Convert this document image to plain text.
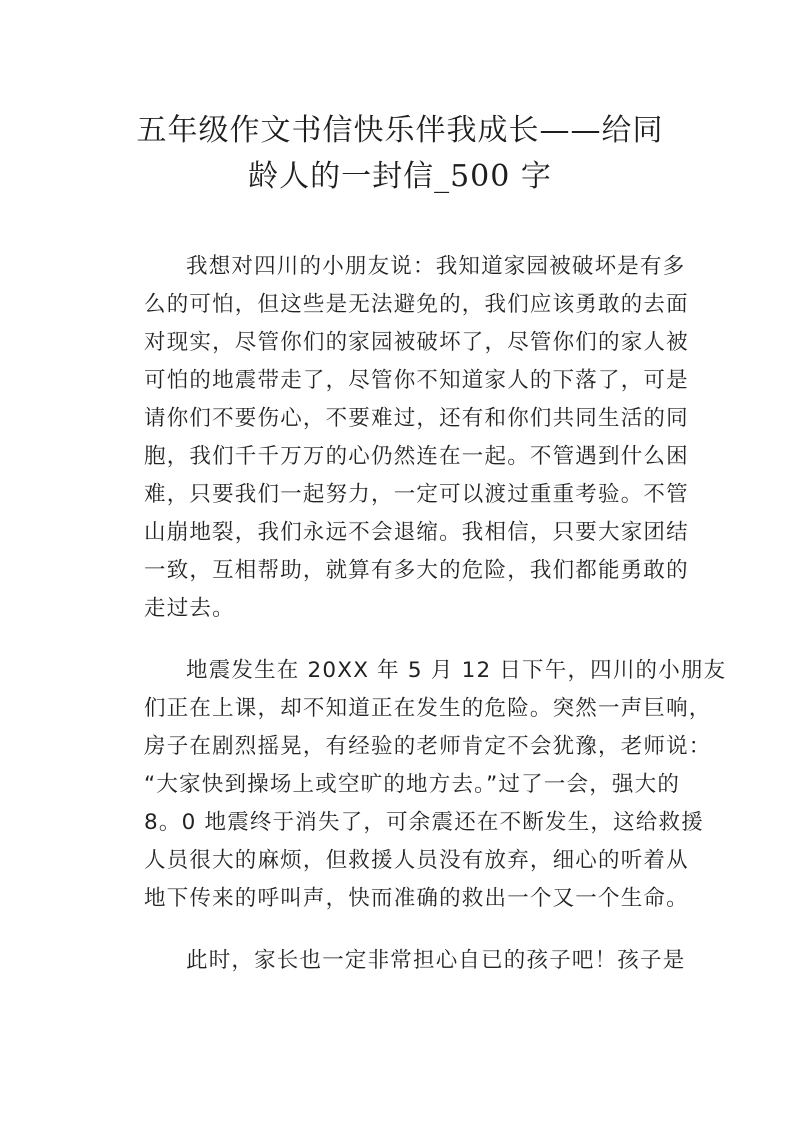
五年级作文书信快乐伴我成长——给同
龄人的一封信_500 字
我想对四川的小朋友说：我知道家园被破坏是有多
么的可怕，但这些是无法避免的，我们应该勇敢的去面
对现实，尽管你们的家园被破坏了，尽管你们的家人被
可怕的地震带走了，尽管你不知道家人的下落了，可是
请你们不要伤心，不要难过，还有和你们共同生活的同
胞，我们千千万万的心仍然连在一起。不管遇到什么困
难，只要我们一起努力，一定可以渡过重重考验。不管
山崩地裂，我们永远不会退缩。我相信，只要大家团结
一致，互相帮助，就算有多大的危险，我们都能勇敢的
走过去。
地震发生在 20XX 年 5 月 12 日下午，四川的小朋友
们正在上课，却不知道正在发生的危险。突然一声巨响，
房子在剧烈摇晃，有经验的老师肯定不会犹豫，老师说：
“大家快到操场上或空旷的地方去。”过了一会，强大的
8。0 地震终于消失了，可余震还在不断发生，这给救援
人员很大的麻烦，但救援人员没有放弃，细心的听着从
地下传来的呼叫声，快而准确的救出一个又一个生命。
此时，家长也一定非常担心自已的孩子吧！孩子是
